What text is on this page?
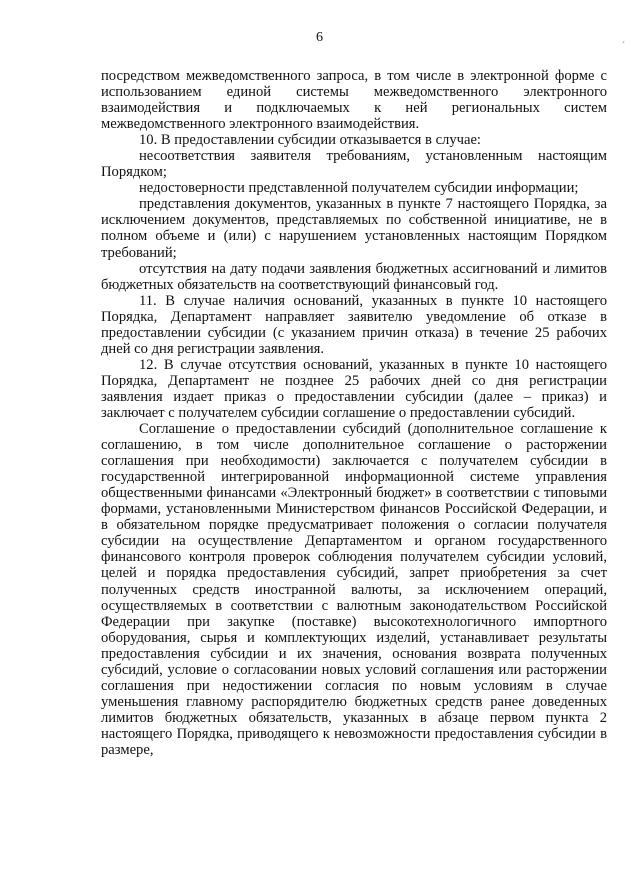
6	´

посредством межведомственного запроса, в том числе в электронной форме с использованием единой системы межведомственного электронного взаимодействия и подключаемых к ней региональных систем межведомственного электронного взаимодействия.

10. В предоставлении субсидии отказывается в случае:

несоответствия заявителя требованиям, установленным настоящим Порядком;

недостоверности представленной получателем субсидии информации;

представления документов, указанных в пункте 7 настоящего Порядка, за исключением документов, представляемых по собственной инициативе, не в полном объеме и (или) с нарушением установленных настоящим Порядком требований;

отсутствия на дату подачи заявления бюджетных ассигнований и лимитов бюджетных обязательств на соответствующий финансовый год.

11. В случае наличия оснований, указанных в пункте 10 настоящего Порядка, Департамент направляет заявителю уведомление об отказе в предоставлении субсидии (с указанием причин отказа) в течение 25 рабочих дней со дня регистрации заявления.

12. В случае отсутствия оснований, указанных в пункте 10 настоящего Порядка, Департамент не позднее 25 рабочих дней со дня регистрации заявления издает приказ о предоставлении субсидии (далее – приказ) и заключает с получателем субсидии соглашение о предоставлении субсидий.

Соглашение о предоставлении субсидий (дополнительное соглашение к соглашению, в том числе дополнительное соглашение о расторжении соглашения при необходимости) заключается с получателем субсидии в государственной интегрированной информационной системе управления общественными финансами «Электронный бюджет» в соответствии с типовыми формами, установленными Министерством финансов Российской Федерации, и в обязательном порядке предусматривает положения о согласии получателя субсидии на осуществление Департаментом и органом государственного финансового контроля проверок соблюдения получателем субсидии условий, целей и порядка предоставления субсидий, запрет приобретения за счет полученных средств иностранной валюты, за исключением операций, осуществляемых в соответствии с валютным законодательством Российской Федерации при закупке (поставке) высокотехнологичного импортного оборудования, сырья и комплектующих изделий, устанавливает результаты предоставления субсидии и их значения, основания возврата полученных субсидий, условие о согласовании новых условий соглашения или расторжении соглашения при недостижении согласия по новым условиям в случае уменьшения главному распорядителю бюджетных средств ранее доведенных лимитов бюджетных обязательств, указанных в абзаце первом пункта 2 настоящего Порядка, приводящего к невозможности предоставления субсидии в размере,
